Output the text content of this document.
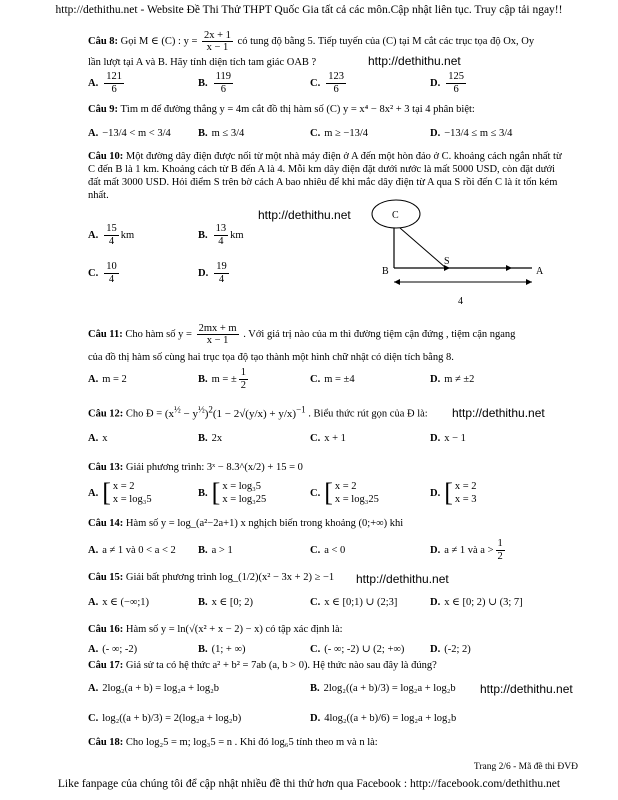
http://dethithu.net - Website Đề Thi Thử THPT Quốc Gia tất cả các môn.Cập nhật liên tục. Truy cập tải ngay!!
Câu 8: Gọi M ∈ (C) : $y = \frac{2x + 1}{x - 1}$ có tung độ bằng 5. Tiếp tuyến của (C) tại M cắt các trục tọa độ Ox, Oy
lần lượt tại A và B. Hãy tính diện tích tam giác OAB ?	http://dethithu.net
A. $\frac{121}{6}$	B. $\frac{119}{6}$	C. $\frac{123}{6}$	D. $\frac{125}{6}$
Câu 9: Tìm m để đường thẳng y = 4m cắt đồ thị hàm số (C) y = x⁴ − 8x² + 3 tại 4 phân biệt:
A. −13/4 < m < 3/4	B. m ≤ 3/4	C. m ≥ −13/4	D. −13/4 ≤ m ≤ 3/4
Câu 10: Một đường dây điện được nối từ một nhà máy điện ở A đến một hòn đảo ở C. khoảng cách ngắn nhất từ C đến B là 1 km. Khoảng cách từ B đến A là 4. Mỗi km dây điện đặt dưới nước là mất 5000 USD, còn đặt dưới đất mất 3000 USD. Hỏi điểm S trên bờ cách A bao nhiêu để khi mắc dây điện từ A qua S rồi đến C là ít tốn kém nhất.
http://dethithu.net
A. $\frac{15}{4}$ km	B. $\frac{13}{4}$ km
C. $\frac{10}{4}$	D. $\frac{19}{4}$
C
S
B	A
4
Câu 11: Cho hàm số $y = \frac{2mx + m}{x - 1}$ . Với giá trị nào của m thì đường tiệm cận đứng , tiệm cận ngang
của đồ thị hàm số cùng hai trục tọa độ tạo thành một hình chữ nhật có diện tích bằng 8.
A. m = 2	B. m = ± $\frac{1}{2}$	C. m = ±4	D. m ≠ ±2
Câu 12: Cho Đ = $(x^{\frac{1}{2}} - y^{\frac{1}{2}})^2(1 - 2√(y/x) + y/x)^{-1}$ . Biểu thức rút gọn của Đ là: http://dethithu.net
A. x	B. 2x	C. x + 1	D. x − 1
Câu 13: Giải phương trình: 3ˣ − 8.3^(x/2) + 15 = 0
A. [ x = 2
x = log₃5
B. [ x = log₃5
x = log₃25
C. [ x = 2
x = log₃25
D. [ x = 2
x = 3
Câu 14: Hàm số y = log_(a²−2a+1) x nghịch biến trong khoảng (0;+∞) khi
A. a ≠ 1 và 0 < a < 2 B. a > 1	C. a < 0	D. a ≠ 1 và $a > \frac{1}{2}$
Câu 15: Giải bất phương trình log_(1/2)(x² − 3x + 2) ≥ −1 http://dethithu.net
A. x ∈ (−∞;1)	B. x ∈ [0; 2)	C. x ∈ [0;1) ∪ (2;3]	D. x ∈ [0; 2) ∪ (3; 7]
Câu 16: Hàm số y = ln(√(x² + x − 2) − x) có tập xác định là:
A. (- ∞; -2)	B. (1; + ∞)	C. (- ∞; -2) ∪ (2; +∞) D. (-2; 2)
Câu 17: Giả sử ta có hệ thức a² + b² = 7ab (a, b > 0). Hệ thức nào sau đây là đúng?
A. 2log₂(a + b) = log₂a + log₂b	B. 2log₂((a + b)/3) = log₂a + log₂b http://dethithu.net
C. log₂((a + b)/3) = 2(log₂a + log₂b)	D. 4log₂((a + b)/6) = log₂a + log₂b
Câu 18: Cho log₂5 = m; log₃5 = n . Khi đó log₆5 tính theo m và n là:
Trang 2/6 - Mã đề thi ĐVĐ
Like fanpage của chúng tôi để cập nhật nhiều đề thi thử hơn qua Facebook : http://facebook.com/dethithu.net
